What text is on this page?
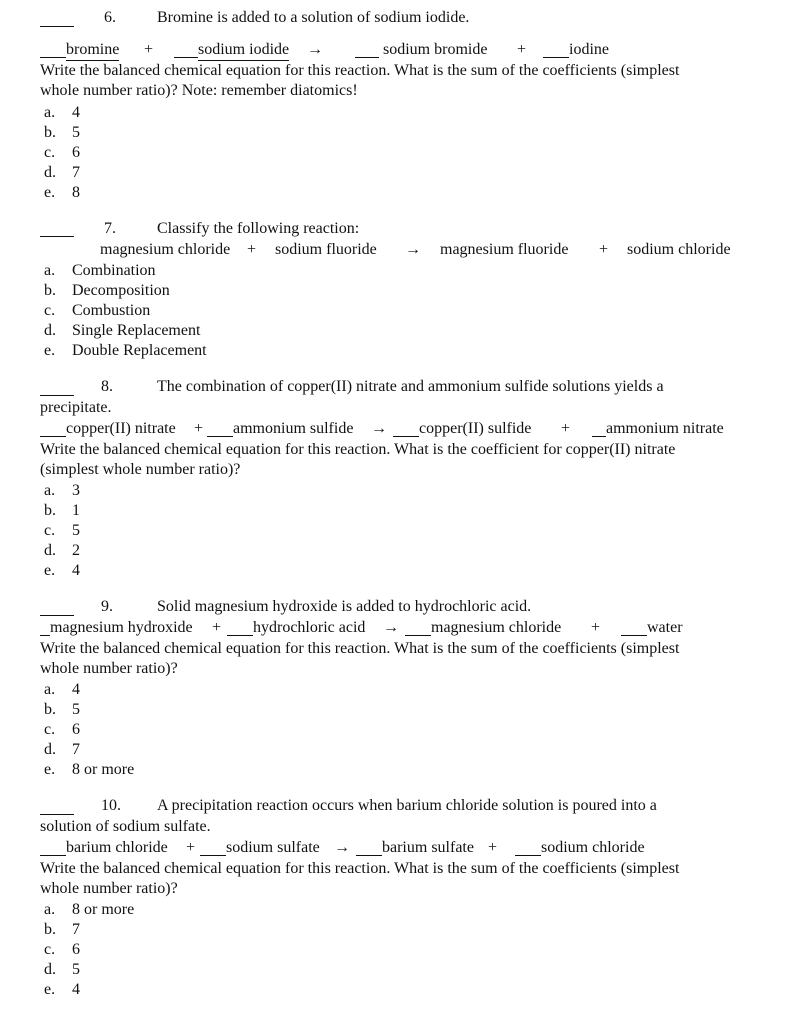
6.	Bromine is added to a solution of sodium iodide.
bromine +	sodium iodide →	sodium bromide +	iodine
Write the balanced chemical equation for this reaction. What is the sum of the coefficients (simplest
whole number ratio)? Note: remember diatomics!
a. 4
b. 5
c. 6
d. 7
e. 8
7.	Classify the following reaction:
magnesium chloride + sodium fluoride → magnesium fluoride + sodium chloride
a. Combination
b. Decomposition
c. Combustion
d. Single Replacement
e. Double Replacement
8.	The combination of copper(II) nitrate and ammonium sulfide solutions yields a
precipitate.
copper(II) nitrate + ammonium sulfide → copper(II) sulfide + ammonium nitrate
Write the balanced chemical equation for this reaction. What is the coefficient for copper(II) nitrate
(simplest whole number ratio)?
a. 3
b. 1
c. 5
d. 2
e. 4
9.	Solid magnesium hydroxide is added to hydrochloric acid.
magnesium hydroxide + hydrochloric acid → magnesium chloride +	water
Write the balanced chemical equation for this reaction. What is the sum of the coefficients (simplest
whole number ratio)?
a. 4
b. 5
c. 6
d. 7
e. 8 or more
10. A precipitation reaction occurs when barium chloride solution is poured into a
solution of sodium sulfate.
barium chloride + sodium sulfate → barium sulfate +	sodium chloride
Write the balanced chemical equation for this reaction. What is the sum of the coefficients (simplest
whole number ratio)?
a. 8 or more
b. 7
c. 6
d. 5
e. 4
